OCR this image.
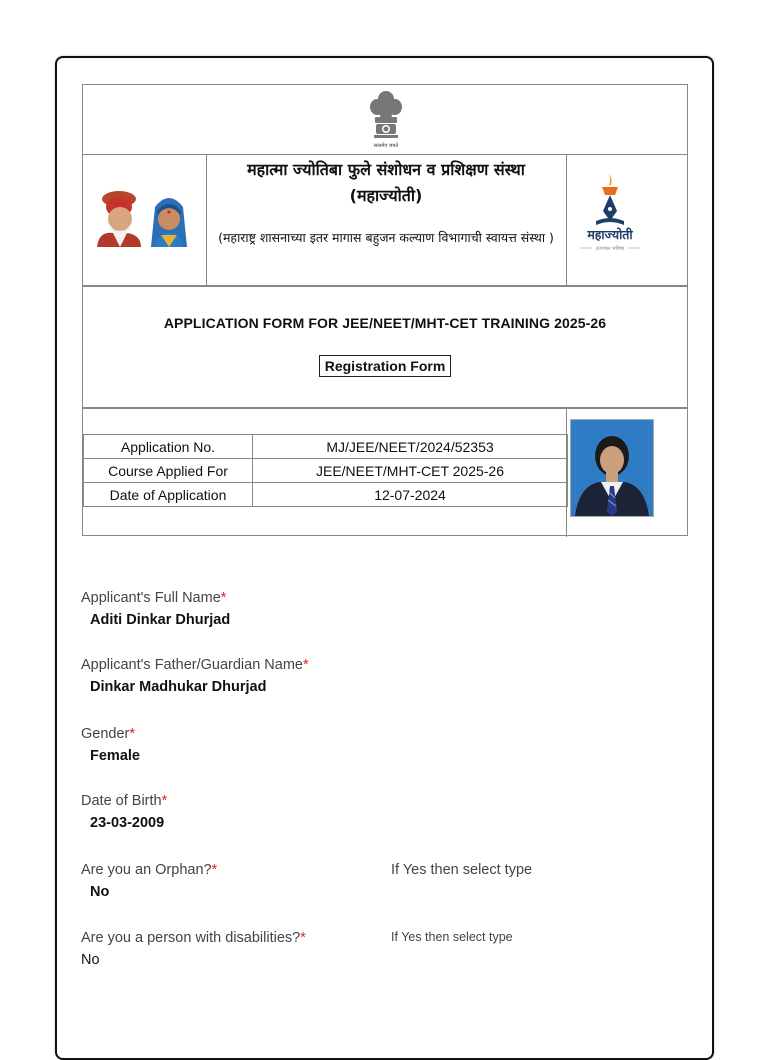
सत्यमेव जयते
महात्मा ज्योतिबा फुले संशोधन व प्रशिक्षण संस्था (महाज्योती)
(महाराष्ट्र शासनाच्या इतर मागास बहुजन कल्याण विभागाची स्वायत्त संस्था )	महाज्योती
उज्ज्वल भविष्य
APPLICATION FORM FOR JEE/NEET/MHT-CET TRAINING 2025-26
Registration Form
Application No.	MJ/JEE/NEET/2024/52353
Course Applied For	JEE/NEET/MHT-CET 2025-26
Date of Application	12-07-2024
Applicant's Full Name*
Aditi Dinkar Dhurjad
Applicant's Father/Guardian Name*
Dinkar Madhukar Dhurjad
Gender*
Female
Date of Birth*
23-03-2009
Are you an Orphan?*
No
If Yes then select type
Are you a person with disabilities?*
No
If Yes then select type
